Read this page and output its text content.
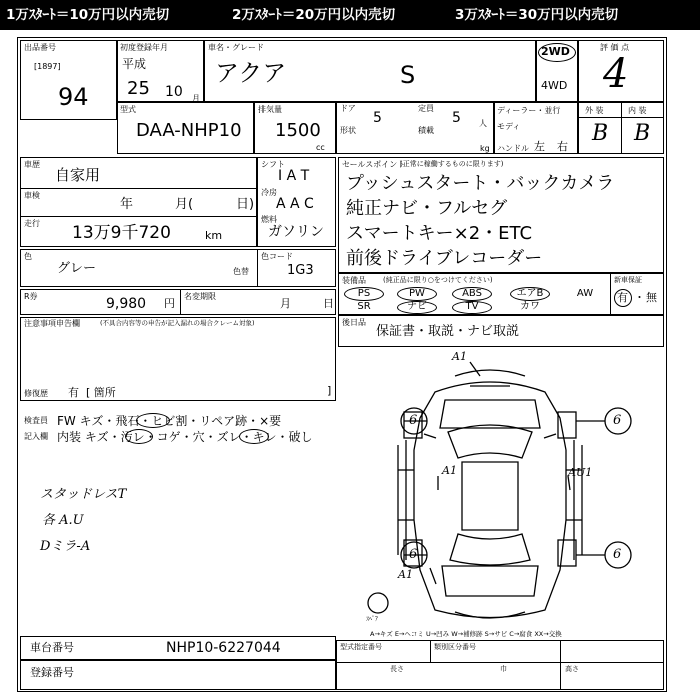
1万ｽﾀｰﾄ＝10万円以内売切	2万ｽﾀｰﾄ＝20万円以内売切	3万ｽﾀｰﾄ＝30万円以内売切
出品番号
[1897]
94
初度登録年月
平成
25 10 月
車名・グレード
アクア	S
2WD
4WD
評 価 点
4
型式
DAA-NHP10
排気量
1500
cc
ドア
5
定員
5 人
形状	積載
kg
ディーラー・並行
モディ
ハンドル 左 右
外 装	内 装
B B
車歴
自家用
車検
年	月(	日)
走行 13万9千720	km
シフト
I A T
冷房
A A C
燃料
ガソリン
色
グレー	色替
色コード
1G3
R券	9,980 円
名変期限
月	日
注意事項申告欄	(不具合内容等の申告が記入漏れの場合クレーム対象)
修復歴 有 [ 箇所	]
セールスポイント
(正常に稼働するものに限ります)
プッシュスタート・バックカメラ
純正ナビ・フルセグ
スマートキー×2・ETC
前後ドライブレコーダー
装備品 (純正品に限り○をつけてください)
PS	PW	ABS	エアB	AW
SR	ナビ	TV	カワ
新車保証
有 ・ 無
後日品
保証書・取説・ナビ取説
検査員
記入欄
FW キズ・飛石・ヒビ割・リペア跡・×要
内装 キズ・汚レ・コゲ・穴・ズレ・キレ・破し
スタッドレスT
各 A.U
Dミラ-A
A1
6	6
6	6
A1	AU1
A1
ｽﾍﾟｱ
A→キズ E→ヘコミ U→凹み W→補修跡 S→サビ C→腐食 XX→交換
車台番号	NHP10-6227044
登録番号
型式指定番号	類別区分番号
長さ	巾	高さ
